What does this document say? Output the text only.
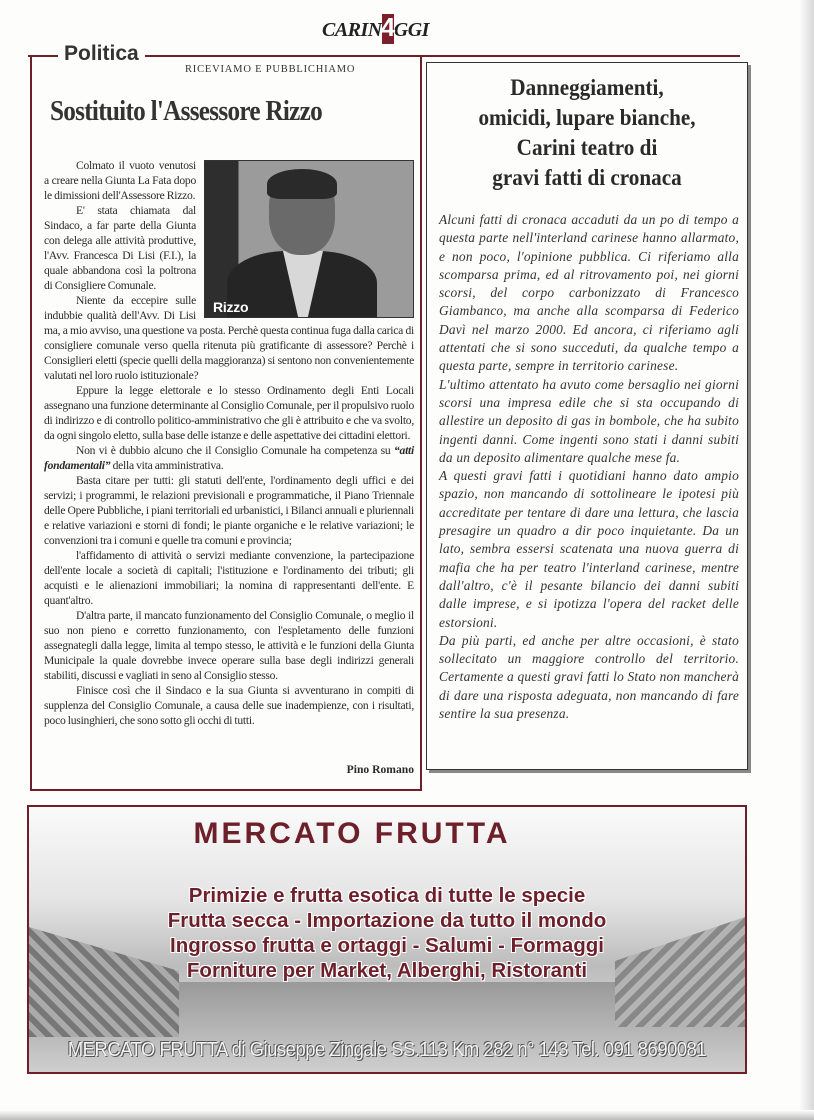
CARIN 4 GGI
Politica
RICEVIAMO E PUBBLICHIAMO
Sostituito l'Assessore Rizzo
Rizzo

Colmato il vuoto venutosi a creare nella Giunta La Fata dopo le dimissioni dell'Assessore Rizzo.

E' stata chiamata dal Sindaco, a far parte della Giunta con delega alle attività produttive, l'Avv. Francesca Di Lisi (F.I.), la quale abbandona così la poltrona di Consigliere Comunale.

Niente da eccepire sulle indubbie qualità dell'Avv. Di Lisi ma, a mio avviso, una questione va posta. Perchè questa continua fuga dalla carica di consigliere comunale verso quella ritenuta più gratificante di assessore? Perchè i Consiglieri eletti (specie quelli della maggioranza) si sentono non convenientemente valutati nel loro ruolo istituzionale?

Eppure la legge elettorale e lo stesso Ordinamento degli Enti Locali assegnano una funzione determinante al Consiglio Comunale, per il propulsivo ruolo di indirizzo e di controllo politico-amministrativo che gli è attribuito e che va svolto, da ogni singolo eletto, sulla base delle istanze e delle aspettative dei cittadini elettori.

Non vi è dubbio alcuno che il Consiglio Comunale ha competenza su “atti fondamentali” della vita amministrativa.

Basta citare per tutti: gli statuti dell'ente, l'ordinamento degli uffici e dei servizi; i programmi, le relazioni previsionali e programmatiche, il Piano Triennale delle Opere Pubbliche, i piani territoriali ed urbanistici, i Bilanci annuali e pluriennali e relative variazioni e storni di fondi; le piante organiche e le relative variazioni; le convenzioni tra i comuni e quelle tra comuni e provincia;

l'affidamento di attività o servizi mediante convenzione, la partecipazione dell'ente locale a società di capitali; l'istituzione e l'ordinamento dei tributi; gli acquisti e le alienazioni immobiliari; la nomina di rappresentanti dell'ente. E quant'altro.

D'altra parte, il mancato funzionamento del Consiglio Comunale, o meglio il suo non pieno e corretto funzionamento, con l'espletamento delle funzioni assegnategli dalla legge, limita al tempo stesso, le attività e le funzioni della Giunta Municipale la quale dovrebbe invece operare sulla base degli indirizzi generali stabiliti, discussi e vagliati in seno al Consiglio stesso.

Finisce così che il Sindaco e la sua Giunta si avventurano in compiti di supplenza del Consiglio Comunale, a causa delle sue inadempienze, con i risultati, poco lusinghieri, che sono sotto gli occhi di tutti.

Pino Romano
Danneggiamenti,
omicidi, lupare bianche,
Carini teatro di
gravi fatti di cronaca

Alcuni fatti di cronaca accaduti da un po di tempo a questa parte nell'interland carinese hanno allarmato, e non poco, l'opinione pubblica. Ci riferiamo alla scomparsa prima, ed al ritrovamento poi, nei giorni scorsi, del corpo carbonizzato di Francesco Giambanco, ma anche alla scomparsa di Federico Davì nel marzo 2000. Ed ancora, ci riferiamo agli attentati che si sono succeduti, da qualche tempo a questa parte, sempre in territorio carinese.

L'ultimo attentato ha avuto come bersaglio nei giorni scorsi una impresa edile che si sta occupando di allestire un deposito di gas in bombole, che ha subito ingenti danni. Come ingenti sono stati i danni subiti da un deposito alimentare qualche mese fa.

A questi gravi fatti i quotidiani hanno dato ampio spazio, non mancando di sottolineare le ipotesi più accreditate per tentare di dare una lettura, che lascia presagire un quadro a dir poco inquietante. Da un lato, sembra essersi scatenata una nuova guerra di mafia che ha per teatro l'interland carinese, mentre dall'altro, c'è il pesante bilancio dei danni subiti dalle imprese, e si ipotizza l'opera del racket delle estorsioni.

Da più parti, ed anche per altre occasioni, è stato sollecitato un maggiore controllo del territorio. Certamente a questi gravi fatti lo Stato non mancherà di dare una risposta adeguata, non mancando di fare sentire la sua presenza.

MERCATO FRUTTA
Primizie e frutta esotica di tutte le specie
Frutta secca - Importazione da tutto il mondo
Ingrosso frutta e ortaggi - Salumi - Formaggi
Forniture per Market, Alberghi, Ristoranti
MERCATO FRUTTA di Giuseppe Zingale SS.113 Km 282 n° 143 Tel. 091 8690081
